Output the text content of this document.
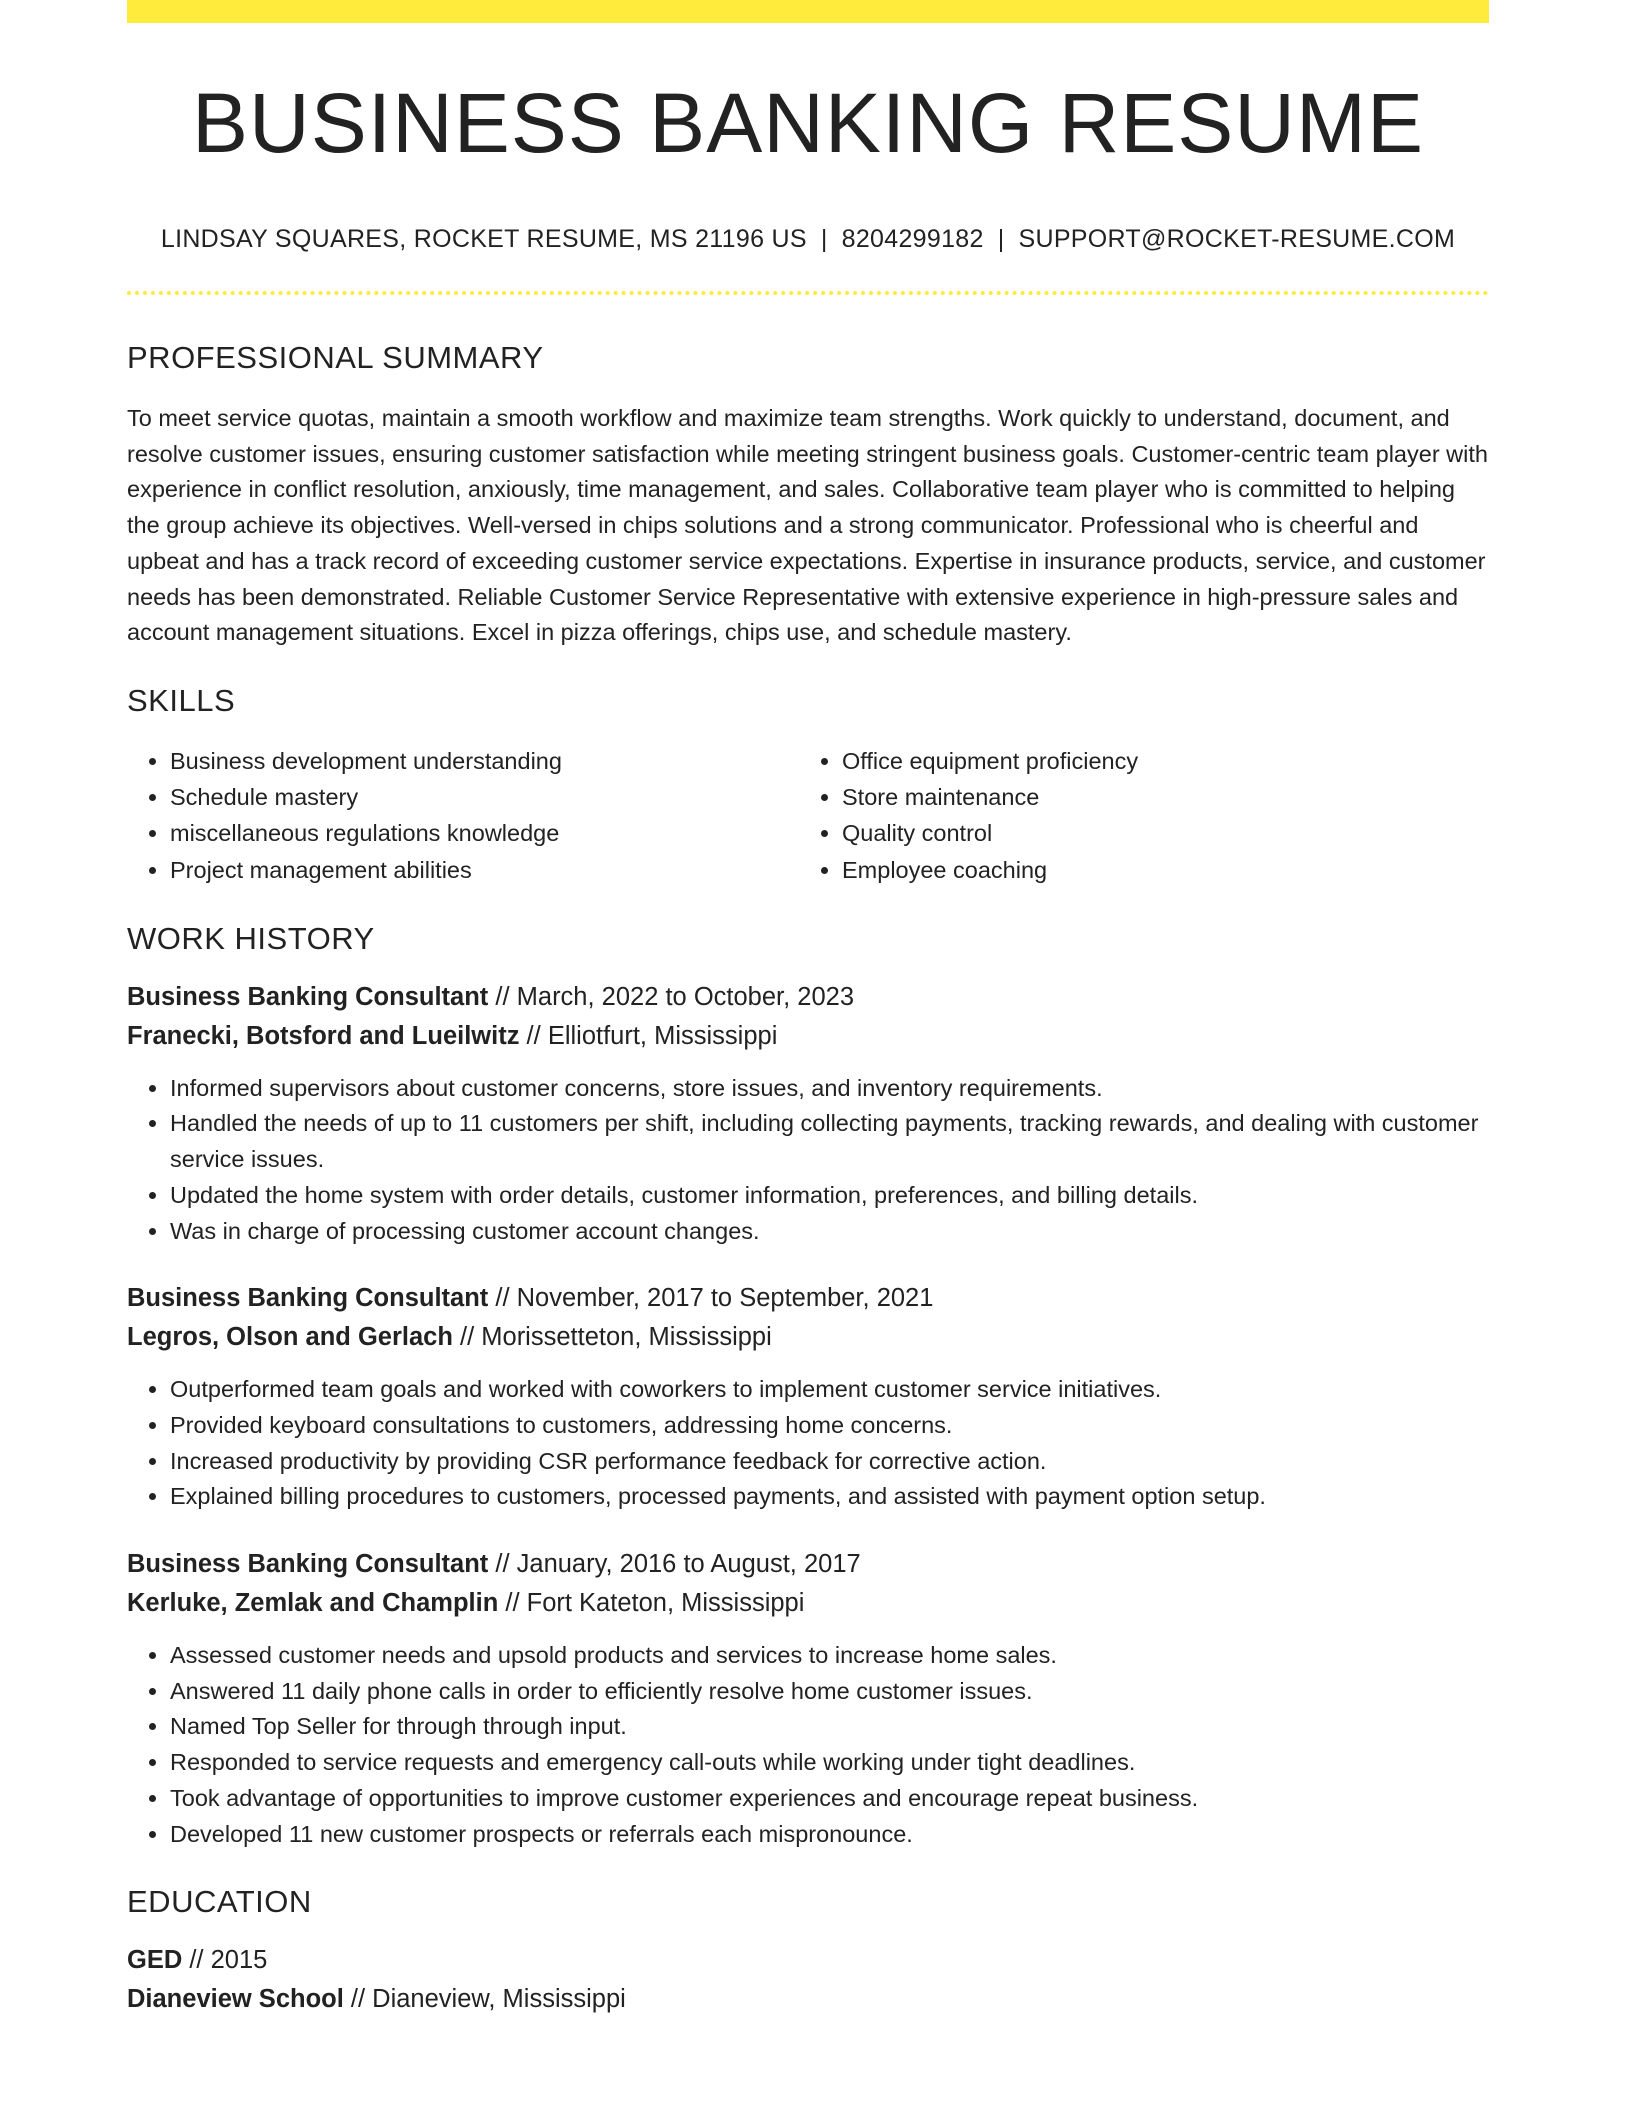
BUSINESS BANKING RESUME
LINDSAY SQUARES, ROCKET RESUME, MS 21196 US | 8204299182 | SUPPORT@ROCKET-RESUME.COM
PROFESSIONAL SUMMARY

To meet service quotas, maintain a smooth workflow and maximize team strengths. Work quickly to understand, document, and resolve customer issues, ensuring customer satisfaction while meeting stringent business goals. Customer-centric team player with experience in conflict resolution, anxiously, time management, and sales. Collaborative team player who is committed to helping the group achieve its objectives. Well-versed in chips solutions and a strong communicator. Professional who is cheerful and upbeat and has a track record of exceeding customer service expectations. Expertise in insurance products, service, and customer needs has been demonstrated. Reliable Customer Service Representative with extensive experience in high-pressure sales and account management situations. Excel in pizza offerings, chips use, and schedule mastery.

SKILLS
• Business development understanding
• Schedule mastery
• miscellaneous regulations knowledge
• Project management abilities
• Office equipment proficiency
• Store maintenance
• Quality control
• Employee coaching
WORK HISTORY
Business Banking Consultant // March, 2022 to October, 2023
Franecki, Botsford and Lueilwitz // Elliotfurt, Mississippi
• Informed supervisors about customer concerns, store issues, and inventory requirements.
• Handled the needs of up to 11 customers per shift, including collecting payments, tracking rewards, and dealing with customer service issues.
• Updated the home system with order details, customer information, preferences, and billing details.
• Was in charge of processing customer account changes.
Business Banking Consultant // November, 2017 to September, 2021
Legros, Olson and Gerlach // Morissetteton, Mississippi
• Outperformed team goals and worked with coworkers to implement customer service initiatives.
• Provided keyboard consultations to customers, addressing home concerns.
• Increased productivity by providing CSR performance feedback for corrective action.
• Explained billing procedures to customers, processed payments, and assisted with payment option setup.
Business Banking Consultant // January, 2016 to August, 2017
Kerluke, Zemlak and Champlin // Fort Kateton, Mississippi
• Assessed customer needs and upsold products and services to increase home sales.
• Answered 11 daily phone calls in order to efficiently resolve home customer issues.
• Named Top Seller for through through input.
• Responded to service requests and emergency call-outs while working under tight deadlines.
• Took advantage of opportunities to improve customer experiences and encourage repeat business.
• Developed 11 new customer prospects or referrals each mispronounce.
EDUCATION
GED // 2015
Dianeview School // Dianeview, Mississippi
